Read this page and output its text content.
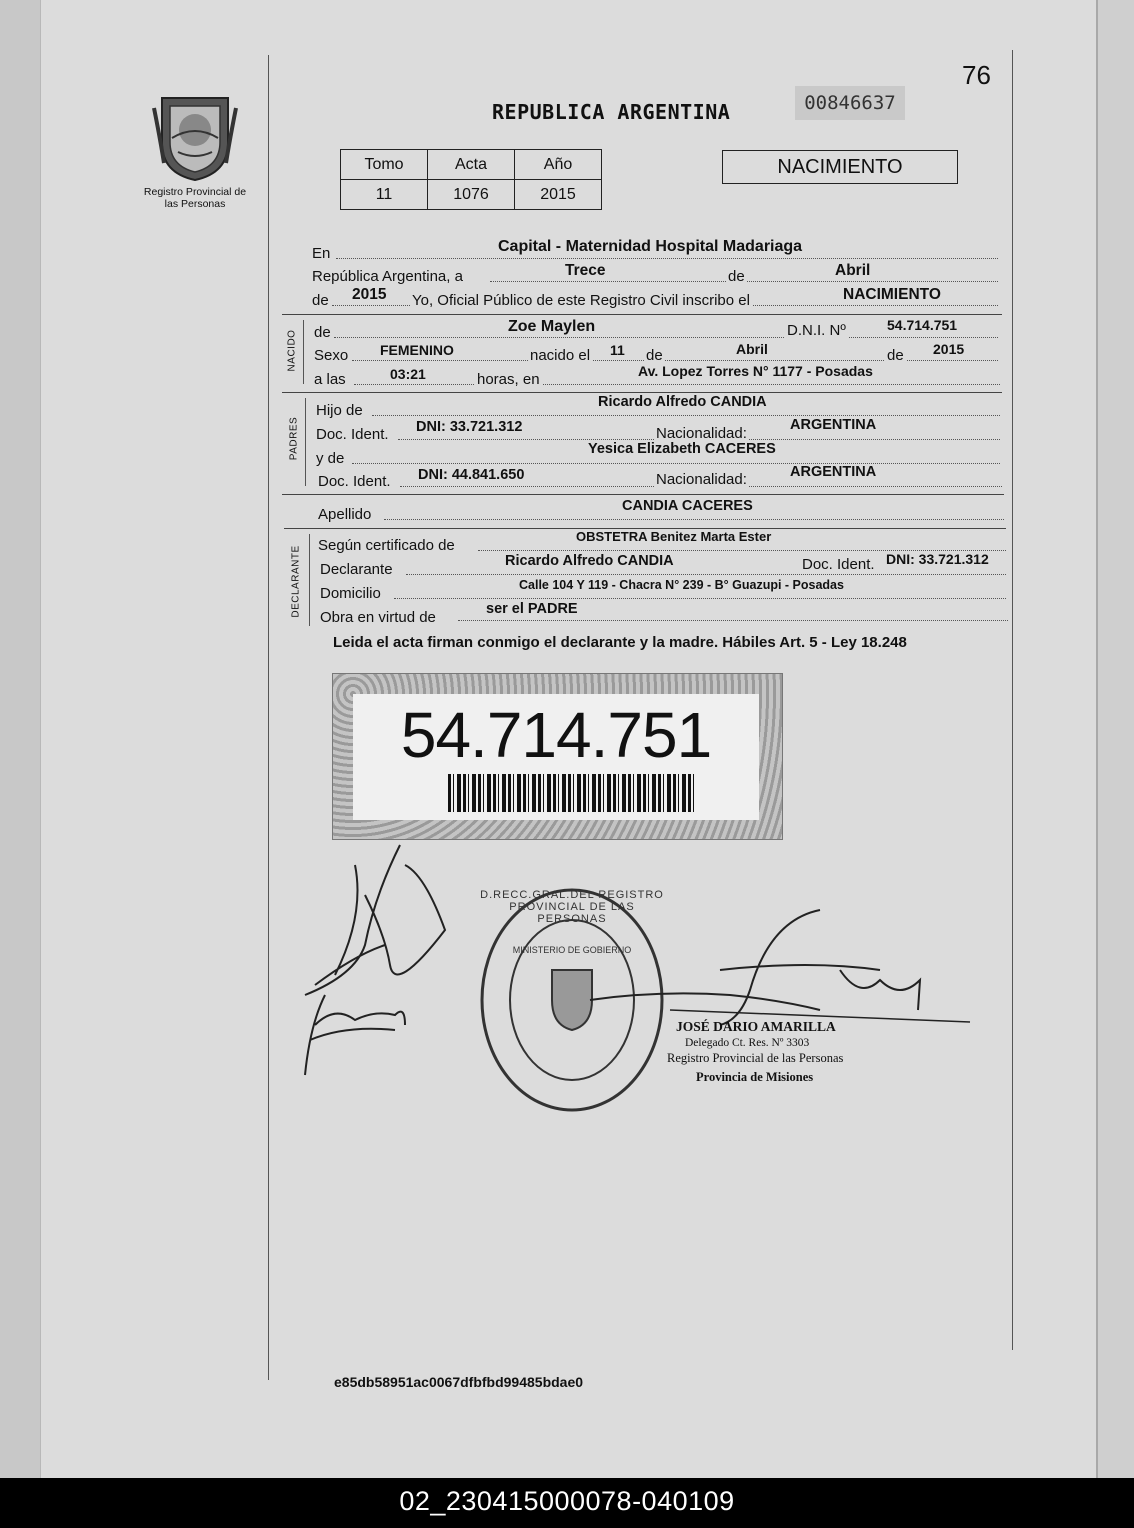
76
Registro Provincial de las Personas
REPUBLICA ARGENTINA	00846637
Tomo	Acta	Año
11	1076	2015
NACIMIENTO
En	Capital - Maternidad Hospital Madariaga
República Argentina, a	Trece	de	Abril
de 2015 Yo, Oficial Público de este Registro Civil inscribo el	NACIMIENTO
NACIDO de	Zoe Maylen	D.N.I. Nº	54.714.751
Sexo FEMENINO	nacido el 11 de	Abril	de 2015
a las	03:21	horas, en	Av. Lopez Torres N° 1177 - Posadas
PADRES
Hijo de	Ricardo Alfredo CANDIA
Doc. Ident. DNI: 33.721.312	Nacionalidad:	ARGENTINA
y de
Yesica Elizabeth CACERES
Doc. Ident. DNI: 44.841.650	Nacionalidad:	ARGENTINA
Apellido	CANDIA CACERES
DECLARANTE Según certificado de
OBSTETRA Benitez Marta Ester
Declarante	Ricardo Alfredo CANDIA	Doc. Ident. DNI: 33.721.312
Domicilio	Calle 104 Y 119 - Chacra N° 239 - B° Guazupi - Posadas
Obra en virtud de	ser el PADRE
Leida el acta firman conmigo el declarante y la madre. Hábiles Art. 5 - Ley 18.248
54.714.751
D.RECC.GRAL.DEL REGISTRO PROVINCIAL DE LAS PERSONAS
MINISTERIO DE GOBIERNO
JOSÉ DARIO AMARILLA
Delegado Ct. Res. Nº 3303
Registro Provincial de las Personas
Provincia de Misiones
e85db58951ac0067dfbfbd99485bdae0
02_230415000078-040109
